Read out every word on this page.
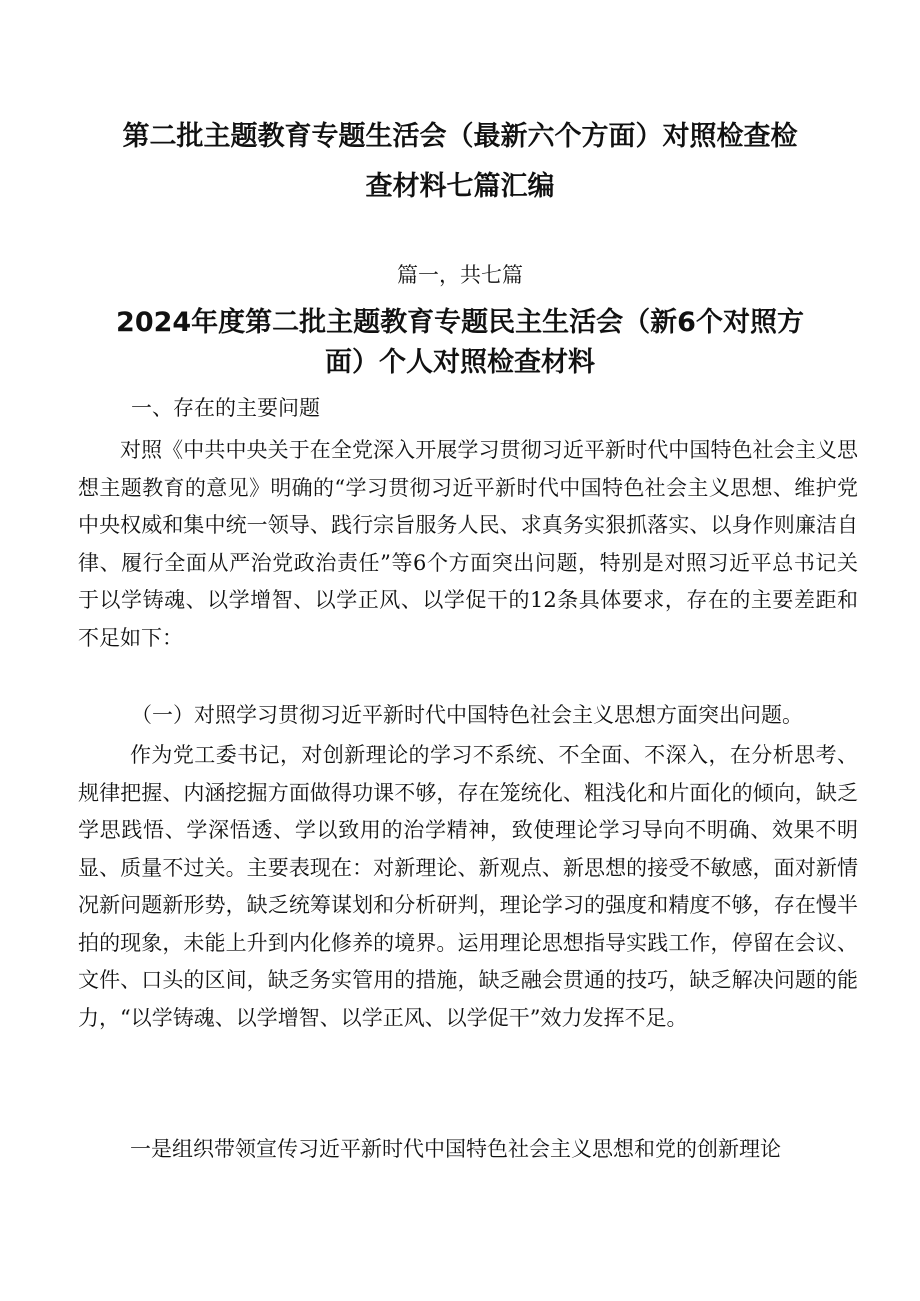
第二批主题教育专题生活会（最新六个方面）对照检查检
查材料七篇汇编
篇一，共七篇
2024年度第二批主题教育专题民主生活会（新6个对照方
面）个人对照检查材料
一、存在的主要问题
对照《中共中央关于在全党深入开展学习贯彻习近平新时代中国特色社会主义思想主题教育的意见》明确的“学习贯彻习近平新时代中国特色社会主义思想、维护党中央权威和集中统一领导、践行宗旨服务人民、求真务实狠抓落实、以身作则廉洁自律、履行全面从严治党政治责任”等6个方面突出问题，特别是对照习近平总书记关于以学铸魂、以学增智、以学正风、以学促干的12条具体要求，存在的主要差距和不足如下：
（一）对照学习贯彻习近平新时代中国特色社会主义思想方面突出问题。
作为党工委书记，对创新理论的学习不系统、不全面、不深入，在分析思考、规律把握、内涵挖掘方面做得功课不够，存在笼统化、粗浅化和片面化的倾向，缺乏学思践悟、学深悟透、学以致用的治学精神，致使理论学习导向不明确、效果不明显、质量不过关。主要表现在：对新理论、新观点、新思想的接受不敏感，面对新情况新问题新形势，缺乏统筹谋划和分析研判，理论学习的强度和精度不够，存在慢半拍的现象，未能上升到内化修养的境界。运用理论思想指导实践工作，停留在会议、文件、口头的区间，缺乏务实管用的措施，缺乏融会贯通的技巧，缺乏解决问题的能力，“以学铸魂、以学增智、以学正风、以学促干”效力发挥不足。
一是组织带领宣传习近平新时代中国特色社会主义思想和党的创新理论
